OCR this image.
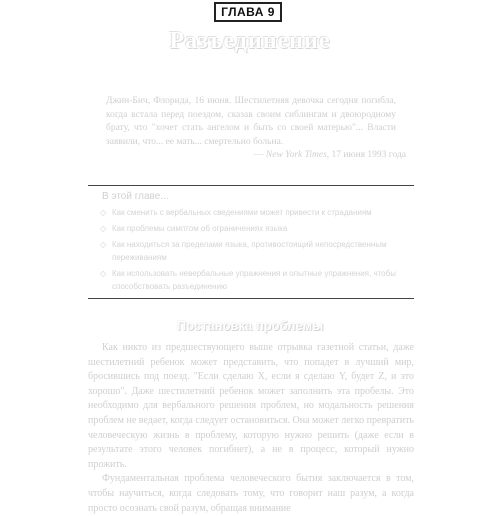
ГЛАВА 9
Разъединение
Джин-Бич, Флорида, 16 июня. Шестилетняя девочка сегодня погибла, когда встала перед поездом, сказав своим сиблингам и двоюродному брату, что "хочет стать ангелом и быть со своей матерью"... Власти заявили, что... ее мать... смертельно больна.
— New York Times, 17 июня 1993 года
В этой главе...
◇ Как сменить с вербальных сведениями может привести к страданиям
◇ Как проблемы симптом об ограничениях языка
◇ Как находиться за пределами языка, противостоящий непосредственным переживаниям
◇ Как использовать невербальные упражнения и опытные упражнения, чтобы способствовать разъединению
Постановка проблемы

Как никто из предшествующего выше отрывка газетной статьи, даже шестилетний ребенок может представить, что попадет в лучший мир, бросившись под поезд. "Если сделаю Х, если я сделаю Y, будет Z, и это хорошо". Даже шестилетний ребенок может заполнить эта пробелы. Это необходимо для вербального решения проблем, но модальность решения проблем не ведает, когда следует остановиться. Она может легко превратить человеческую жизнь в проблему, которую нужно решить (даже если в результате этого человек погибнет), а не в процесс, который нужно прожить.

Фундаментальная проблема человеческого бытия заключается в том, чтобы научиться, когда следовать тому, что говорит наш разум, а когда просто осознать свой разум, обращая внимание
